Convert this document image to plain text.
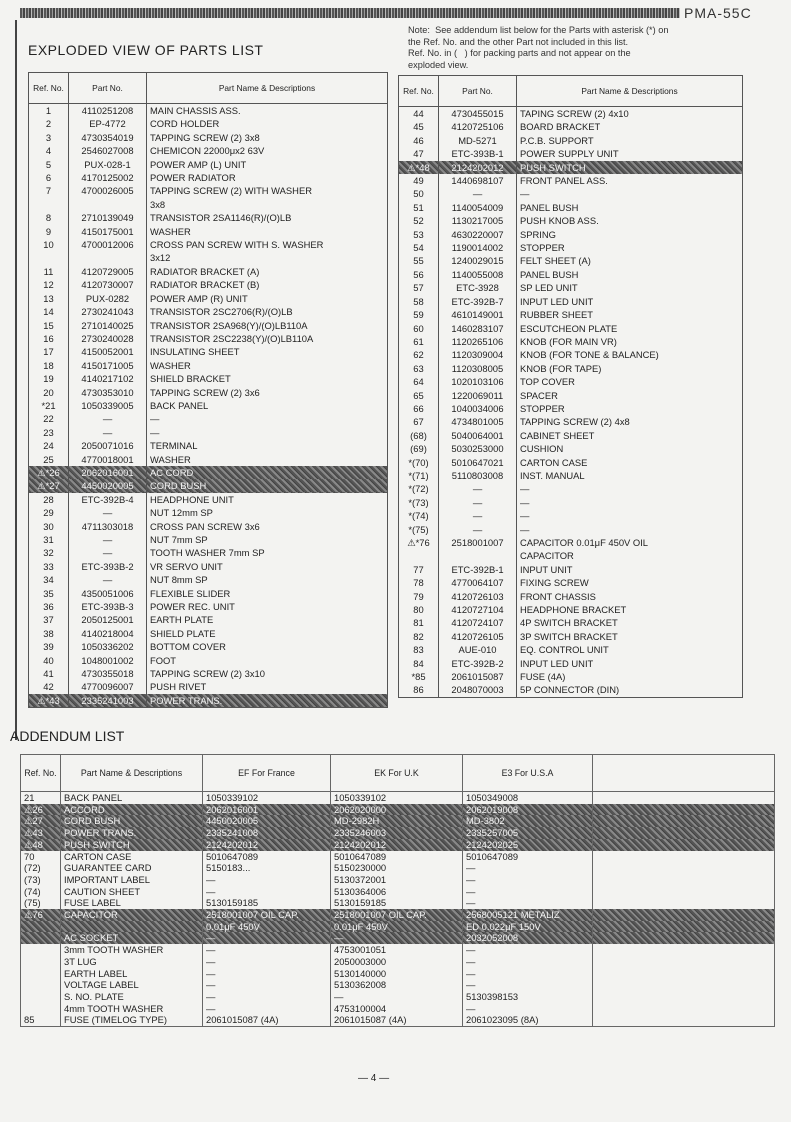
PMA-55C
EXPLODED VIEW OF PARTS LIST
Note:  See addendum list below for the Parts with asterisk (*) on
the Ref. No. and the other Part not included in this list.
Ref. No. in (   ) for packing parts and not appear on the
exploded view.
Ref. No.	Part No.	Part Name & Descriptions
1	4110251208	MAIN CHASSIS ASS.
2	EP-4772	CORD HOLDER
3	4730354019	TAPPING SCREW (2) 3x8
4	2546027008	CHEMICON 22000μx2 63V
5	PUX-028-1	POWER AMP (L) UNIT
6	4170125002	POWER RADIATOR
7	4700026005	TAPPING SCREW (2) WITH WASHER
		3x8
8	2710139049	TRANSISTOR 2SA1146(R)/(O)LB
9	4150175001	WASHER
10	4700012006	CROSS PAN SCREW WITH S. WASHER
		3x12
11	4120729005	RADIATOR BRACKET (A)
12	4120730007	RADIATOR BRACKET (B)
13	PUX-0282	POWER AMP (R) UNIT
14	2730241043	TRANSISTOR 2SC2706(R)/(O)LB
15	2710140025	TRANSISTOR 2SA968(Y)/(O)LB110A
16	2730240028	TRANSISTOR 2SC2238(Y)/(O)LB110A
17	4150052001	INSULATING SHEET
18	4150171005	WASHER
19	4140217102	SHIELD BRACKET
20	4730353010	TAPPING SCREW (2) 3x6
*21	1050339005	BACK PANEL
22	—	—
23	—	—
24	2050071016	TERMINAL
25	4770018001	WASHER
⚠*26	2062016001	AC CORD
⚠*27	4450020005	CORD BUSH
28	ETC-392B-4	HEADPHONE UNIT
29	—	NUT 12mm SP
30	4711303018	CROSS PAN SCREW 3x6
31	—	NUT 7mm SP
32	—	TOOTH WASHER 7mm SP
33	ETC-393B-2	VR SERVO UNIT
34	—	NUT 8mm SP
35	4350051006	FLEXIBLE SLIDER
36	ETC-393B-3	POWER REC. UNIT
37	2050125001	EARTH PLATE
38	4140218004	SHIELD PLATE
39	1050336202	BOTTOM COVER
40	1048001002	FOOT
41	4730355018	TAPPING SCREW (2) 3x10
42	4770096007	PUSH RIVET
⚠*43	2335241003	POWER TRANS.
Ref. No.	Part No.	Part Name & Descriptions
44	4730455015	TAPING SCREW (2) 4x10
45	4120725106	BOARD BRACKET
46	MD-5271	P.C.B. SUPPORT
47	ETC-393B-1	POWER SUPPLY UNIT
⚠*48	2124202012	PUSH SWITCH
49	1440698107	FRONT PANEL ASS.
50	—	—
51	1140054009	PANEL BUSH
52	1130217005	PUSH KNOB ASS.
53	4630220007	SPRING
54	1190014002	STOPPER
55	1240029015	FELT SHEET (A)
56	1140055008	PANEL BUSH
57	ETC-3928	SP LED UNIT
58	ETC-392B-7	INPUT LED UNIT
59	4610149001	RUBBER SHEET
60	1460283107	ESCUTCHEON PLATE
61	1120265106	KNOB (FOR MAIN VR)
62	1120309004	KNOB (FOR TONE & BALANCE)
63	1120308005	KNOB (FOR TAPE)
64	1020103106	TOP COVER
65	1220069011	SPACER
66	1040034006	STOPPER
67	4734801005	TAPPING SCREW (2) 4x8
(68)	5040064001	CABINET SHEET
(69)	5030253000	CUSHION
*(70)	5010647021	CARTON CASE
*(71)	5110803008	INST. MANUAL
*(72)	—	—
*(73)	—	—
*(74)	—	—
*(75)	—	—
⚠*76	2518001007	CAPACITOR 0.01μF 450V OIL
		CAPACITOR
77	ETC-392B-1	INPUT UNIT
78	4770064107	FIXING SCREW
79	4120726103	FRONT CHASSIS
80	4120727104	HEADPHONE BRACKET
81	4120724107	4P SWITCH BRACKET
82	4120726105	3P SWITCH BRACKET
83	AUE-010	EQ. CONTROL UNIT
84	ETC-392B-2	INPUT LED UNIT
*85	2061015087	FUSE (4A)
86	2048070003	5P CONNECTOR (DIN)
ADDENDUM LIST
Ref. No.	Part Name & Descriptions	EF For France	EK For U.K	E3 For U.S.A	
21	BACK PANEL	1050339102	1050339102	1050349008	
⚠26	ACCORD	2062016001	2062020000	2062019008	
⚠27	CORD BUSH	4450020005	MD-2982H	MD-3802	
⚠43	POWER TRANS.	2335241008	2335246003	2335257005	
⚠48	PUSH SWITCH	2124202012	2124202012	2124202025	
70	CARTON CASE	5010647089	5010647089	5010647089	
(72)	GUARANTEE CARD	5150183...	5150230000	—	
(73)	IMPORTANT LABEL	—	5130372001	—	
(74)	CAUTION SHEET	—	5130364006	—	
(75)	FUSE LABEL	5130159185	5130159185	—	
⚠76	CAPACITOR	2518001007 OIL CAP.	2518001007 OIL CAP.	2568005121 METALIZ	
		0.01μF 450V	0.01μF 450V	ED 0.022μF 150V	
	AC SOCKET	—	—	2032052008	
	3mm TOOTH WASHER	—	4753001051	—	
	3T LUG	—	2050003000	—	
	EARTH LABEL	—	5130140000	—	
	VOLTAGE LABEL	—	5130362008	—	
	S. NO. PLATE	—	—	5130398153	
	4mm TOOTH WASHER	—	4753100004	—	
85	FUSE (TIMELOG TYPE)	2061015087 (4A)	2061015087 (4A)	2061023095 (8A)	
— 4 —
